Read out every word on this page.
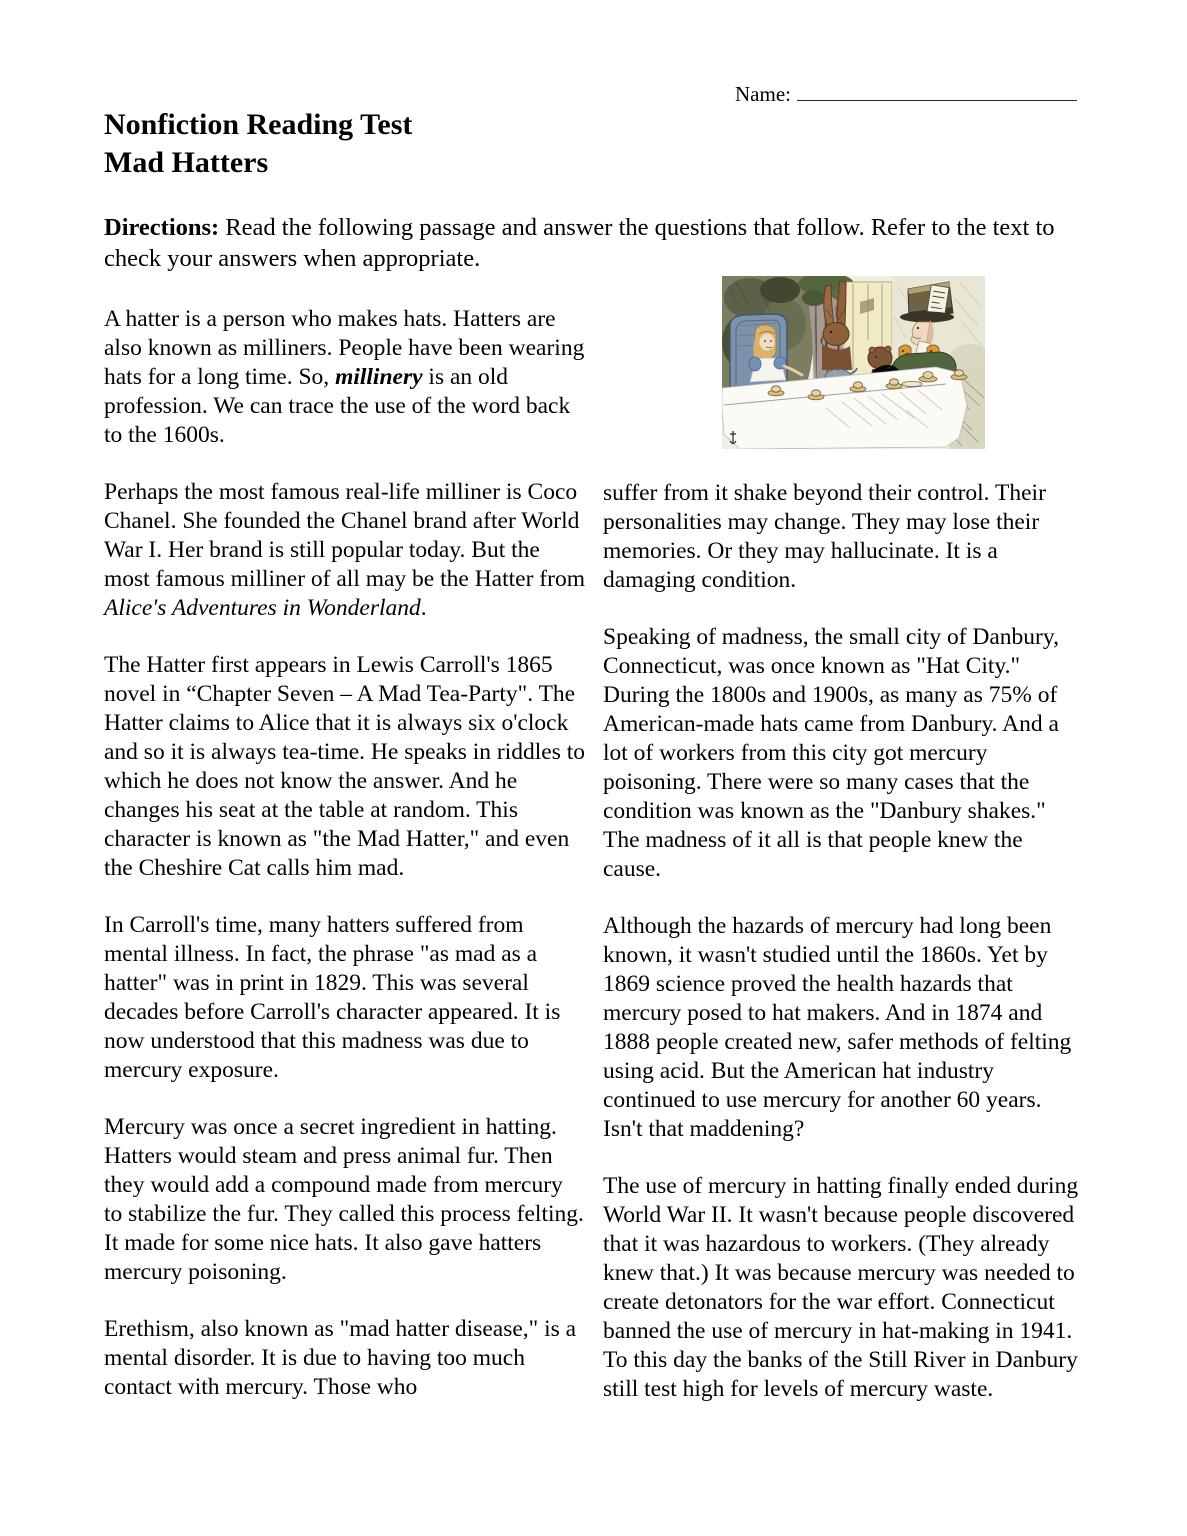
Name:
Nonfiction Reading Test
Mad Hatters
Directions: Read the following passage and answer the questions that follow. Refer to the text to check your answers when appropriate.

A hatter is a person who makes hats. Hatters are also known as milliners. People have been wearing hats for a long time. So, millinery is an old profession. We can trace the use of the word back to the 1600s.

Perhaps the most famous real-life milliner is Coco Chanel. She founded the Chanel brand after World War I. Her brand is still popular today. But the most famous milliner of all may be the Hatter from Alice's Adventures in Wonderland.

The Hatter first appears in Lewis Carroll's 1865 novel in “Chapter Seven – A Mad Tea-Party". The Hatter claims to Alice that it is always six o'clock and so it is always tea-time. He speaks in riddles to which he does not know the answer. And he changes his seat at the table at random. This character is known as "the Mad Hatter," and even the Cheshire Cat calls him mad.

In Carroll's time, many hatters suffered from mental illness. In fact, the phrase "as mad as a hatter" was in print in 1829. This was several decades before Carroll's character appeared. It is now understood that this madness was due to mercury exposure.

Mercury was once a secret ingredient in hatting. Hatters would steam and press animal fur. Then they would add a compound made from mercury to stabilize the fur. They called this process felting. It made for some nice hats. It also gave hatters mercury poisoning.

Erethism, also known as "mad hatter disease," is a mental disorder. It is due to having too much contact with mercury. Those who

suffer from it shake beyond their control. Their personalities may change. They may lose their memories. Or they may hallucinate. It is a damaging condition.

Speaking of madness, the small city of Danbury, Connecticut, was once known as "Hat City." During the 1800s and 1900s, as many as 75% of American-made hats came from Danbury. And a lot of workers from this city got mercury poisoning. There were so many cases that the condition was known as the "Danbury shakes." The madness of it all is that people knew the cause.

Although the hazards of mercury had long been known, it wasn't studied until the 1860s. Yet by 1869 science proved the health hazards that mercury posed to hat makers. And in 1874 and 1888 people created new, safer methods of felting using acid. But the American hat industry continued to use mercury for another 60 years. Isn't that maddening?

The use of mercury in hatting finally ended during World War II. It wasn't because people discovered that it was hazardous to workers. (They already knew that.) It was because mercury was needed to create detonators for the war effort. Connecticut banned the use of mercury in hat-making in 1941. To this day the banks of the Still River in Danbury still test high for levels of mercury waste.
